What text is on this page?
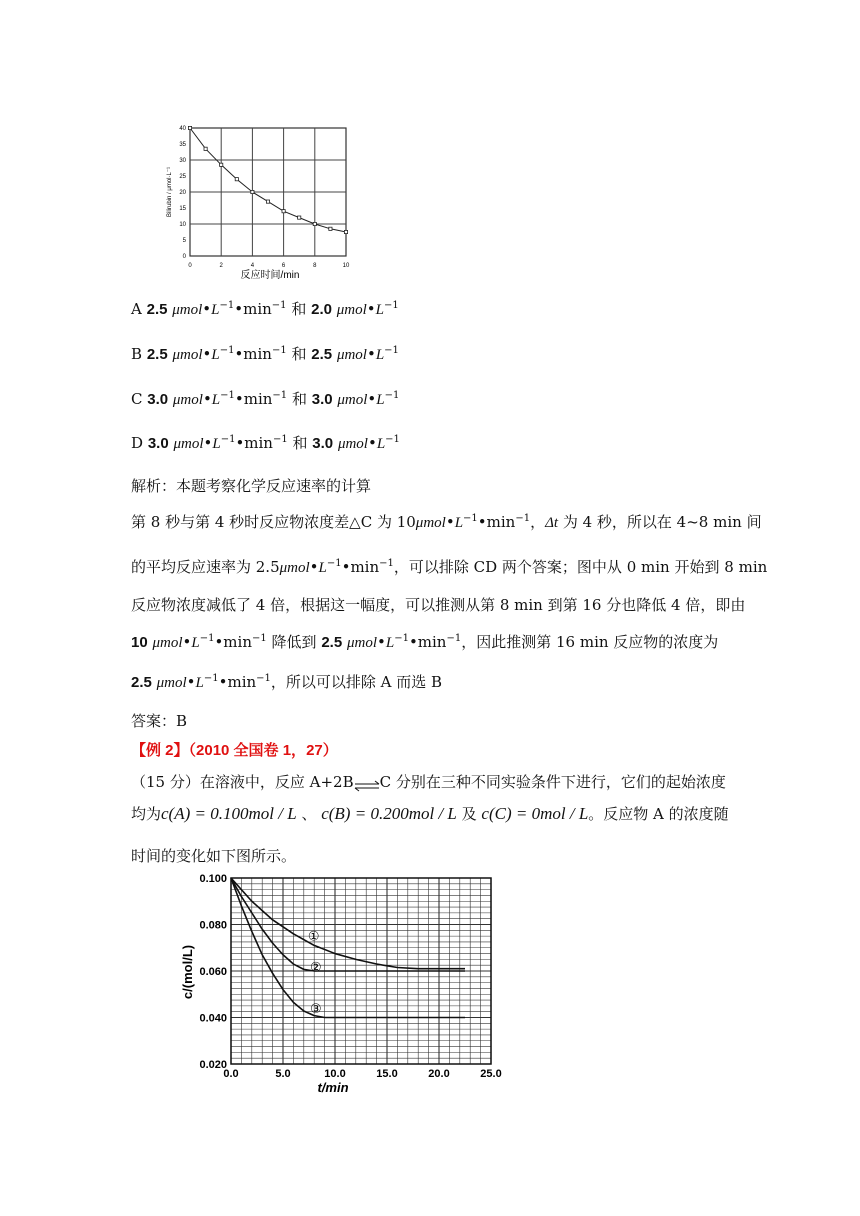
0
5
10
15
20
25
30
35
40
0	2	4	6	8	10
反应时间/min
Bilirubin / μmol·L⁻¹
A 2.5 $\mu mol•L^{-1}•\min^{-1}$ 和 2.0 $\mu mol•L^{-1}$
B 2.5 $\mu mol•L^{-1}•\min^{-1}$ 和 2.5 $\mu mol•L^{-1}$
C 3.0 $\mu mol•L^{-1}•\min^{-1}$ 和 3.0 $\mu mol•L^{-1}$
D 3.0 $\mu mol•L^{-1}•\min^{-1}$ 和 3.0 $\mu mol•L^{-1}$
解析：本题考察化学反应速率的计算
第 8 秒与第 4 秒时反应物浓度差△C 为 $10\mu mol•L^{-1}•\min^{-1}$，Δt 为 4 秒，所以在 4~8 min 间
的平均反应速率为 $2.5\mu mol•L^{-1}•\min^{-1}$，可以排除 CD 两个答案；图中从 0 min 开始到 8 min
反应物浓度减低了 4 倍，根据这一幅度，可以推测从第 8 min 到第 16 分也降低 4 倍，即由
10 $\mu mol•L^{-1}•\min^{-1}$ 降低到 2.5 $\mu mol•L^{-1}•\min^{-1}$，因此推测第 16 min 反应物的浓度为
2.5 $\mu mol•L^{-1}•\min^{-1}$，所以可以排除 A 而选 B
答案：B
【例 2】（2010 全国卷 1，27）
（15 分）在溶液中，反应 A+2B⇌C 分别在三种不同实验条件下进行，它们的起始浓度
均为c(A) = 0.100mol / L 、 c(B) = 0.200mol / L 及 c(C) = 0mol / L。反应物 A 的浓度随
时间的变化如下图所示。
0.020
0.040
0.060
0.080
0.100
0.0	5.0	10.0	15.0	20.0	25.0
①
②
③
t/min
c/(mol/L)
